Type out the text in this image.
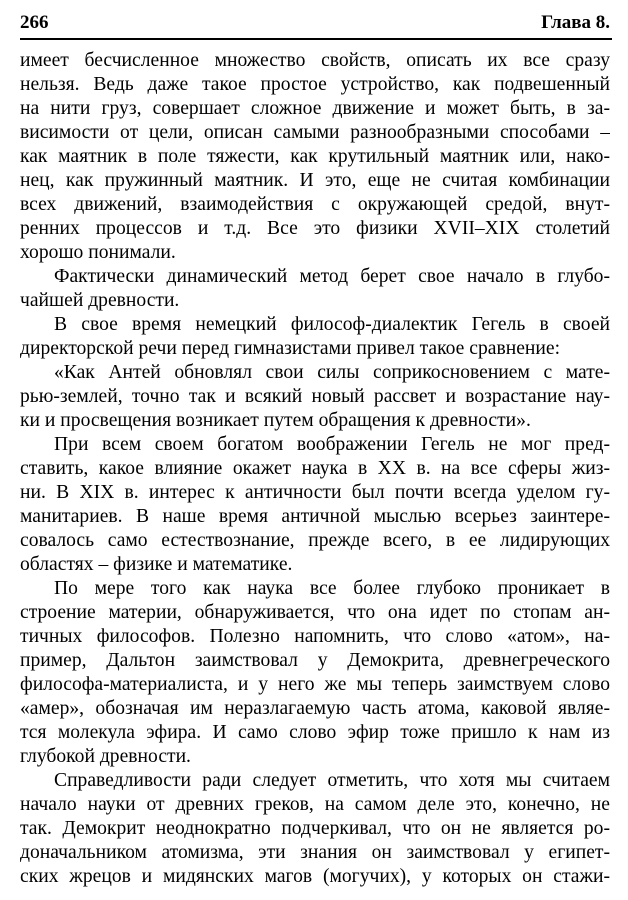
266	Глава 8.
имеет бесчисленное множество свойств, описать их все сразу
нельзя. Ведь даже такое простое устройство, как подвешенный
на нити груз, совершает сложное движение и может быть, в за-
висимости от цели, описан самыми разнообразными способами –
как маятник в поле тяжести, как крутильный маятник или, нако-
нец, как пружинный маятник. И это, еще не считая комбинации
всех движений, взаимодействия с окружающей средой, внут-
ренних процессов и т.д. Все это физики XVII–XIX столетий
хорошо понимали.
Фактически динамический метод берет свое начало в глубо-
чайшей древности.
В свое время немецкий философ-диалектик Гегель в своей
директорской речи перед гимназистами привел такое сравнение:
«Как Антей обновлял свои силы соприкосновением с мате-
рью-землей, точно так и всякий новый рассвет и возрастание нау-
ки и просвещения возникает путем обращения к древности».
При всем своем богатом воображении Гегель не мог пред-
ставить, какое влияние окажет наука в XX в. на все сферы жиз-
ни. В XIX в. интерес к античности был почти всегда уделом гу-
манитариев. В наше время античной мыслью всерьез заинтере-
совалось само естествознание, прежде всего, в ее лидирующих
областях – физике и математике.
По мере того как наука все более глубоко проникает в
строение материи, обнаруживается, что она идет по стопам ан-
тичных философов. Полезно напомнить, что слово «атом», на-
пример, Дальтон заимствовал у Демокрита, древнегреческого
философа-материалиста, и у него же мы теперь заимствуем слово
«амер», обозначая им неразлагаемую часть атома, каковой являе-
тся молекула эфира. И само слово эфир тоже пришло к нам из
глубокой древности.
Справедливости ради следует отметить, что хотя мы считаем
начало науки от древних греков, на самом деле это, конечно, не
так. Демокрит неоднократно подчеркивал, что он не является ро-
доначальником атомизма, эти знания он заимствовал у египет-
ских жрецов и мидянских магов (могучих), у которых он стажи-
